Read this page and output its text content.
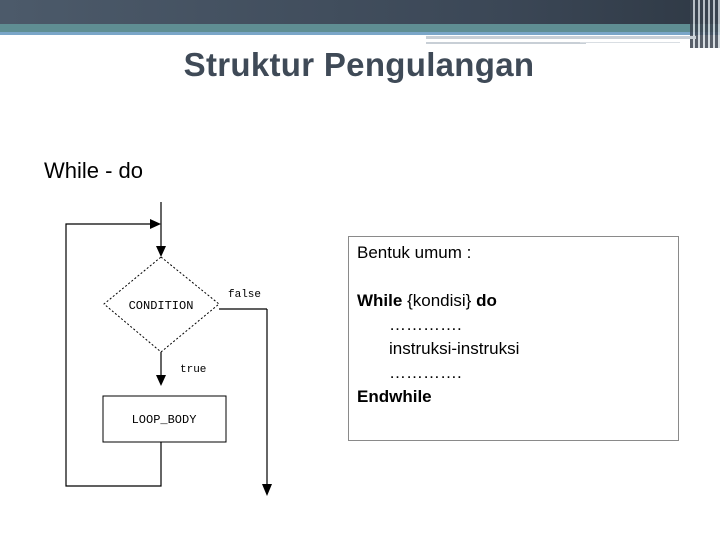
Struktur Pengulangan
While - do
CONDITION
false
true
LOOP_BODY
Bentuk umum :
While {kondisi} do
………….
instruksi-instruksi
………….
Endwhile
